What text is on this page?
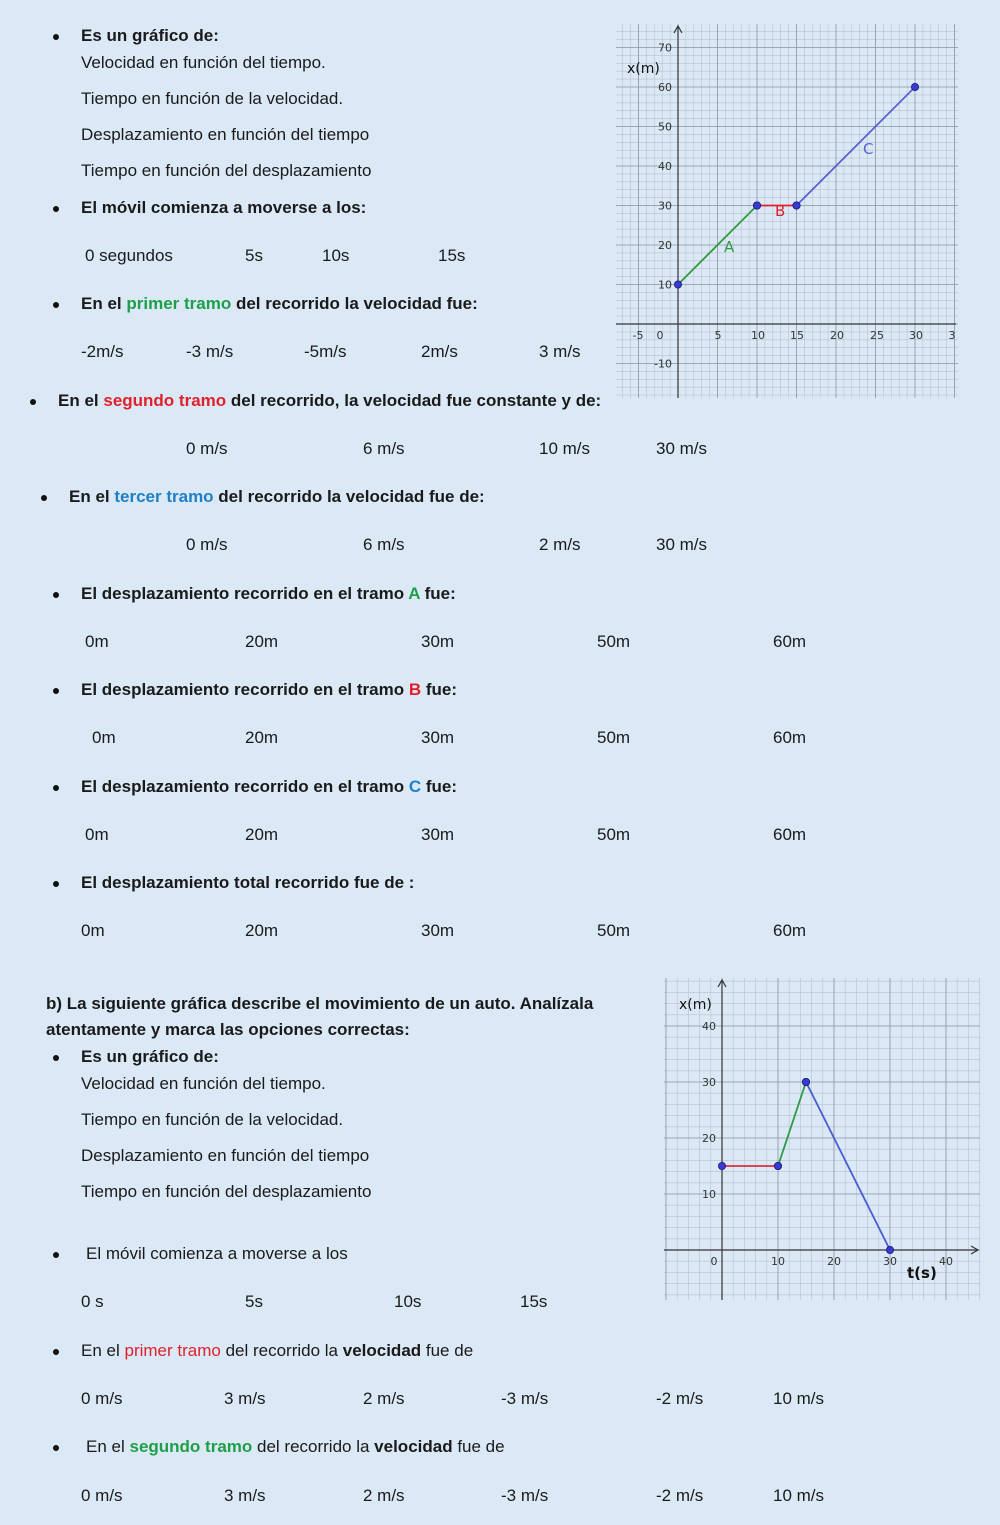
Es un gráfico de:
Velocidad en función del tiempo.
Tiempo en función de la velocidad.
Desplazamiento en función del tiempo
Tiempo en función del desplazamiento
El móvil comienza a moverse a los:
0 segundos	5s	10s	15s
En el primer tramo del recorrido la velocidad fue:
-2m/s	-3 m/s	-5m/s	2m/s	3 m/s
En el segundo tramo del recorrido, la velocidad fue constante y de:
0 m/s	6 m/s	10 m/s	30 m/s
En el tercer tramo del recorrido la velocidad fue de:
0 m/s	6 m/s	2 m/s	30 m/s
El desplazamiento recorrido en el tramo A fue:
0m	20m	30m	50m	60m
El desplazamiento recorrido en el tramo B fue:
0m	20m	30m	50m	60m
El desplazamiento recorrido en el tramo C fue:
0m	20m	30m	50m	60m
El desplazamiento total recorrido fue de :
0m	20m	30m	50m	60m
-5 0	5	10 15 20 25 30 3
70
60
50
40
30
20
10
-10
x(m)
A
B
C
b) La siguiente gráfica describe el movimiento de un auto. Analízala
atentamente y marca las opciones correctas:
Es un gráfico de:
Velocidad en función del tiempo.
Tiempo en función de la velocidad.
Desplazamiento en función del tiempo
Tiempo en función del desplazamiento
El móvil comienza a moverse a los
0 s	5s	10s	15s
En el primer tramo del recorrido la velocidad fue de
0 m/s	3 m/s	2 m/s	-3 m/s	-2 m/s	10 m/s
En el segundo tramo del recorrido la velocidad fue de
0 m/s	3 m/s	2 m/s	-3 m/s	-2 m/s	10 m/s
0	10	20	30	40
40
30
20
10
x(m)
t(s)
